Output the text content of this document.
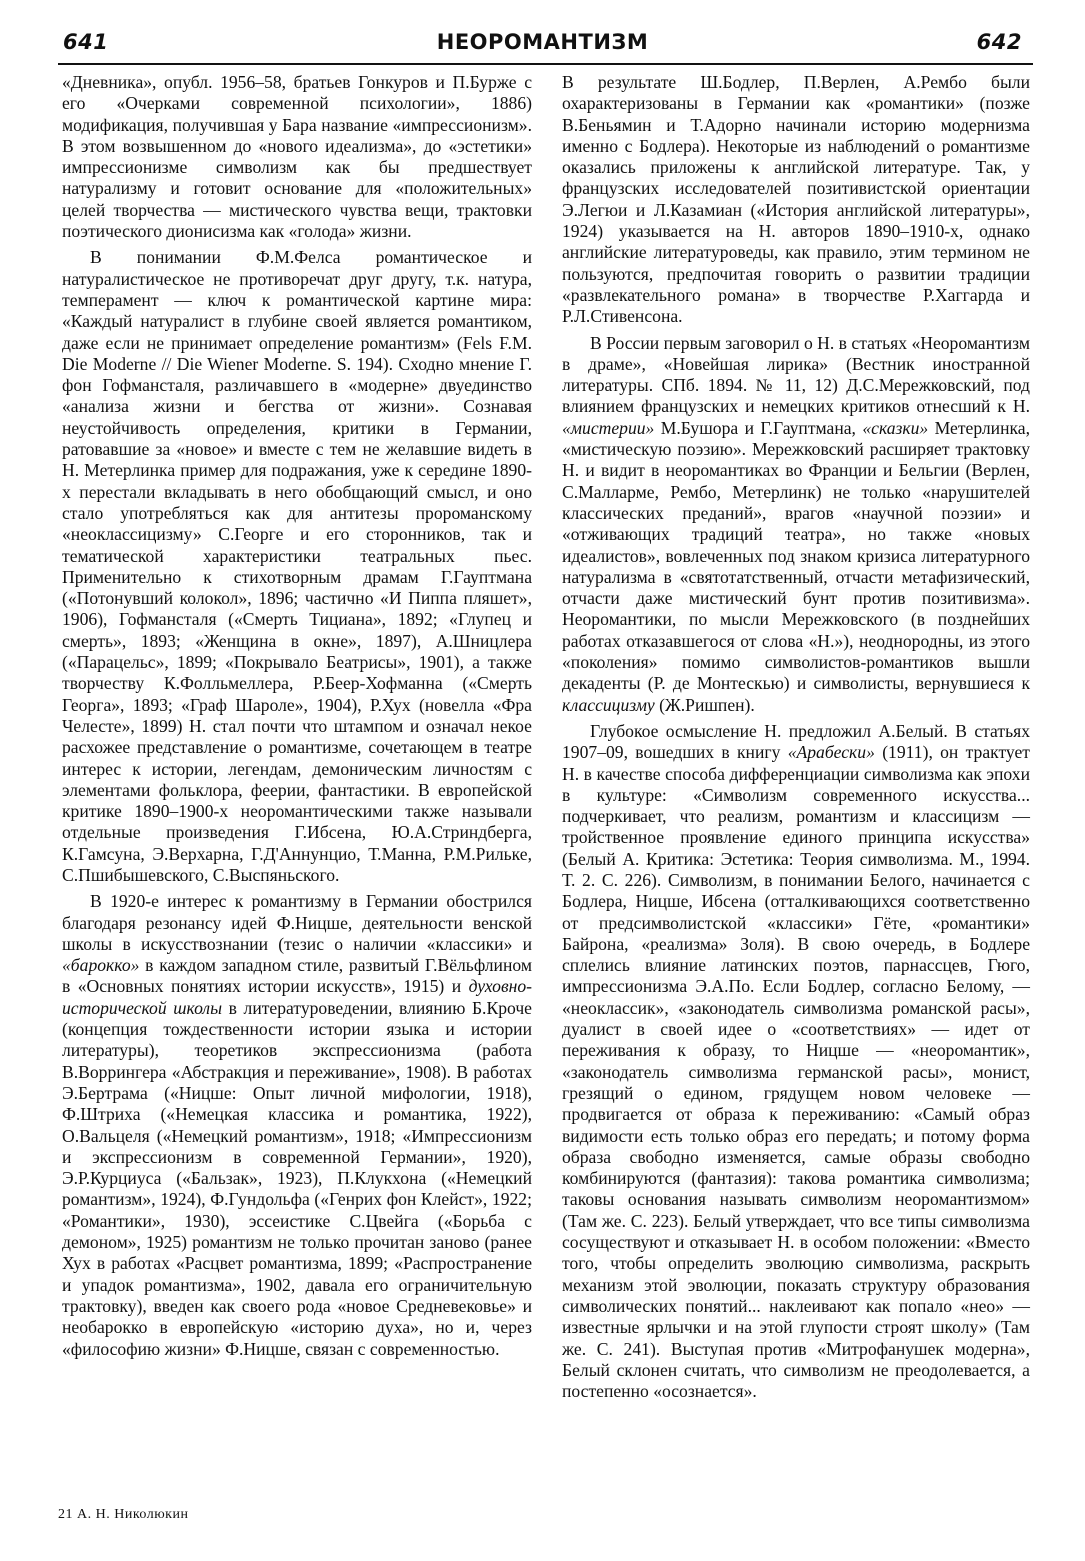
641	НЕОРОМАНТИЗМ	642

«Дневника», опубл. 1956–58, братьев Гонкуров и П.Бурже с его «Очерками современной психологии», 1886) модификация, получившая у Бара название «импрессионизм». В этом возвышенном до «нового идеализма», до «эстетики» импрессионизме символизм как бы предшествует натурализму и готовит основание для «положительных» целей творчества — мистического чувства вещи, трактовки поэтического дионисизма как «голода» жизни.

В понимании Ф.М.Фелса романтическое и натуралистическое не противоречат друг другу, т.к. натура, темперамент — ключ к романтической картине мира: «Каждый натуралист в глубине своей является романтиком, даже если не принимает определение романтизм» (Fels F.M. Die Moderne // Die Wiener Moderne. S. 194). Сходно мнение Г. фон Гофмансталя, различавшего в «модерне» двуединство «анализа жизни и бегства от жизни». Сознавая неустойчивость определения, критики в Германии, ратовавшие за «новое» и вместе с тем не желавшие видеть в Н. Метерлинка пример для подражания, уже к середине 1890-х перестали вкладывать в него обобщающий смысл, и оно стало употребляться как для антитезы пророманскому «неоклассицизму» С.Георге и его сторонников, так и тематической характеристики театральных пьес. Применительно к стихотворным драмам Г.Гауптмана («Потонувший колокол», 1896; частично «И Пиппа пляшет», 1906), Гофмансталя («Смерть Тициана», 1892; «Глупец и смерть», 1893; «Женщина в окне», 1897), А.Шницлера («Парацельс», 1899; «Покрывало Беатрисы», 1901), а также творчеству К.Фолльмеллера, Р.Беер-Хофманна («Смерть Георга», 1893; «Граф Шароле», 1904), Р.Хух (новелла «Фра Челесте», 1899) Н. стал почти что штампом и означал некое расхожее представление о романтизме, сочетающем в театре интерес к истории, легендам, демоническим личностям с элементами фольклора, феерии, фантастики. В европейской критике 1890–1900-х неоромантическими также называли отдельные произведения Г.Ибсена, Ю.А.Стриндберга, К.Гамсуна, Э.Верхарна, Г.Д'Аннунцио, Т.Манна, Р.М.Рильке, С.Пшибышевского, С.Выспяньского.

В 1920-е интерес к романтизму в Германии обострился благодаря резонансу идей Ф.Ницше, деятельности венской школы в искусствознании (тезис о наличии «классики» и «барокко» в каждом западном стиле, развитый Г.Вёльфлином в «Основных понятиях истории искусств», 1915) и духовно-исторической школы в литературоведении, влиянию Б.Кроче (концепция тождественности истории языка и истории литературы), теоретиков экспрессионизма (работа В.Воррингера «Абстракция и переживание», 1908). В работах Э.Бертрама («Ницше: Опыт личной мифологии, 1918), Ф.Штриха («Немецкая классика и романтика, 1922), О.Вальцеля («Немецкий романтизм», 1918; «Импрессионизм и экспрессионизм в современной Германии», 1920), Э.Р.Курциуса («Бальзак», 1923), П.Клукхона («Немецкий романтизм», 1924), Ф.Гундольфа («Генрих фон Клейст», 1922; «Романтики», 1930), эссеистике С.Цвейга («Борьба с демоном», 1925) романтизм не только прочитан заново (ранее Хух в работах «Расцвет романтизма, 1899; «Распространение и упадок романтизма», 1902, давала его ограничительную трактовку), введен как своего рода «новое Средневековье» и необарокко в европейскую «историю духа», но и, через «философию жизни» Ф.Ницше, связан с современностью.

В результате Ш.Бодлер, П.Верлен, А.Рембо были охарактеризованы в Германии как «романтики» (позже В.Беньямин и Т.Адорно начинали историю модернизма именно с Бодлера). Некоторые из наблюдений о романтизме оказались приложены к английской литературе. Так, у французских исследователей позитивистской ориентации Э.Легюи и Л.Казамиан («История английской литературы», 1924) указывается на Н. авторов 1890–1910-х, однако английские литературоведы, как правило, этим термином не пользуются, предпочитая говорить о развитии традиции «развлекательного романа» в творчестве Р.Хаггарда и Р.Л.Стивенсона.

В России первым заговорил о Н. в статьях «Неоромантизм в драме», «Новейшая лирика» (Вестник иностранной литературы. СПб. 1894. № 11, 12) Д.С.Мережковский, под влиянием французских и немецких критиков отнесший к Н. «мистерии» М.Бушора и Г.Гауптмана, «сказки» Метерлинка, «мистическую поэзию». Мережковский расширяет трактовку Н. и видит в неоромантиках во Франции и Бельгии (Верлен, С.Малларме, Рембо, Метерлинк) не только «нарушителей классических преданий», врагов «научной поэзии» и «отживающих традиций театра», но также «новых идеалистов», вовлеченных под знаком кризиса литературного натурализма в «святотатственный, отчасти метафизический, отчасти даже мистический бунт против позитивизма». Неоромантики, по мысли Мережковского (в позднейших работах отказавшегося от слова «Н.»), неоднородны, из этого «поколения» помимо символистов-романтиков вышли декаденты (Р. де Монтескью) и символисты, вернувшиеся к классицизму (Ж.Ришпен).

Глубокое осмысление Н. предложил А.Белый. В статьях 1907–09, вошедших в книгу «Арабески» (1911), он трактует Н. в качестве способа дифференциации символизма как эпохи в культуре: «Символизм современного искусства... подчеркивает, что реализм, романтизм и классицизм — тройственное проявление единого принципа искусства» (Белый А. Критика: Эстетика: Теория символизма. М., 1994. Т. 2. С. 226). Символизм, в понимании Белого, начинается с Бодлера, Ницше, Ибсена (отталкивающихся соответственно от предсимволистской «классики» Гёте, «романтики» Байрона, «реализма» Золя). В свою очередь, в Бодлере сплелись влияние латинских поэтов, парнассцев, Гюго, импрессионизма Э.А.По. Если Бодлер, согласно Белому, — «неоклассик», «законодатель символизма романской расы», дуалист в своей идее о «соответствиях» — идет от переживания к образу, то Ницше — «неоромантик», «законодатель символизма германской расы», монист, грезящий о едином, грядущем новом человеке — продвигается от образа к переживанию: «Самый образ видимости есть только образ его передать; и потому форма образа свободно изменяется, самые образы свободно комбинируются (фантазия): такова романтика символизма; таковы основания называть символизм неоромантизмом» (Там же. С. 223). Белый утверждает, что все типы символизма сосуществуют и отказывает Н. в особом положении: «Вместо того, чтобы определить эволюцию символизма, раскрыть механизм этой эволюции, показать структуру образования символических понятий... наклеивают как попало «нео» — известные ярлычки и на этой глупости строят школу» (Там же. С. 241). Выступая против «Митрофанушек модерна», Белый склонен считать, что символизм не преодолевается, а постепенно «осознается».

21 А. Н. Николюкин
